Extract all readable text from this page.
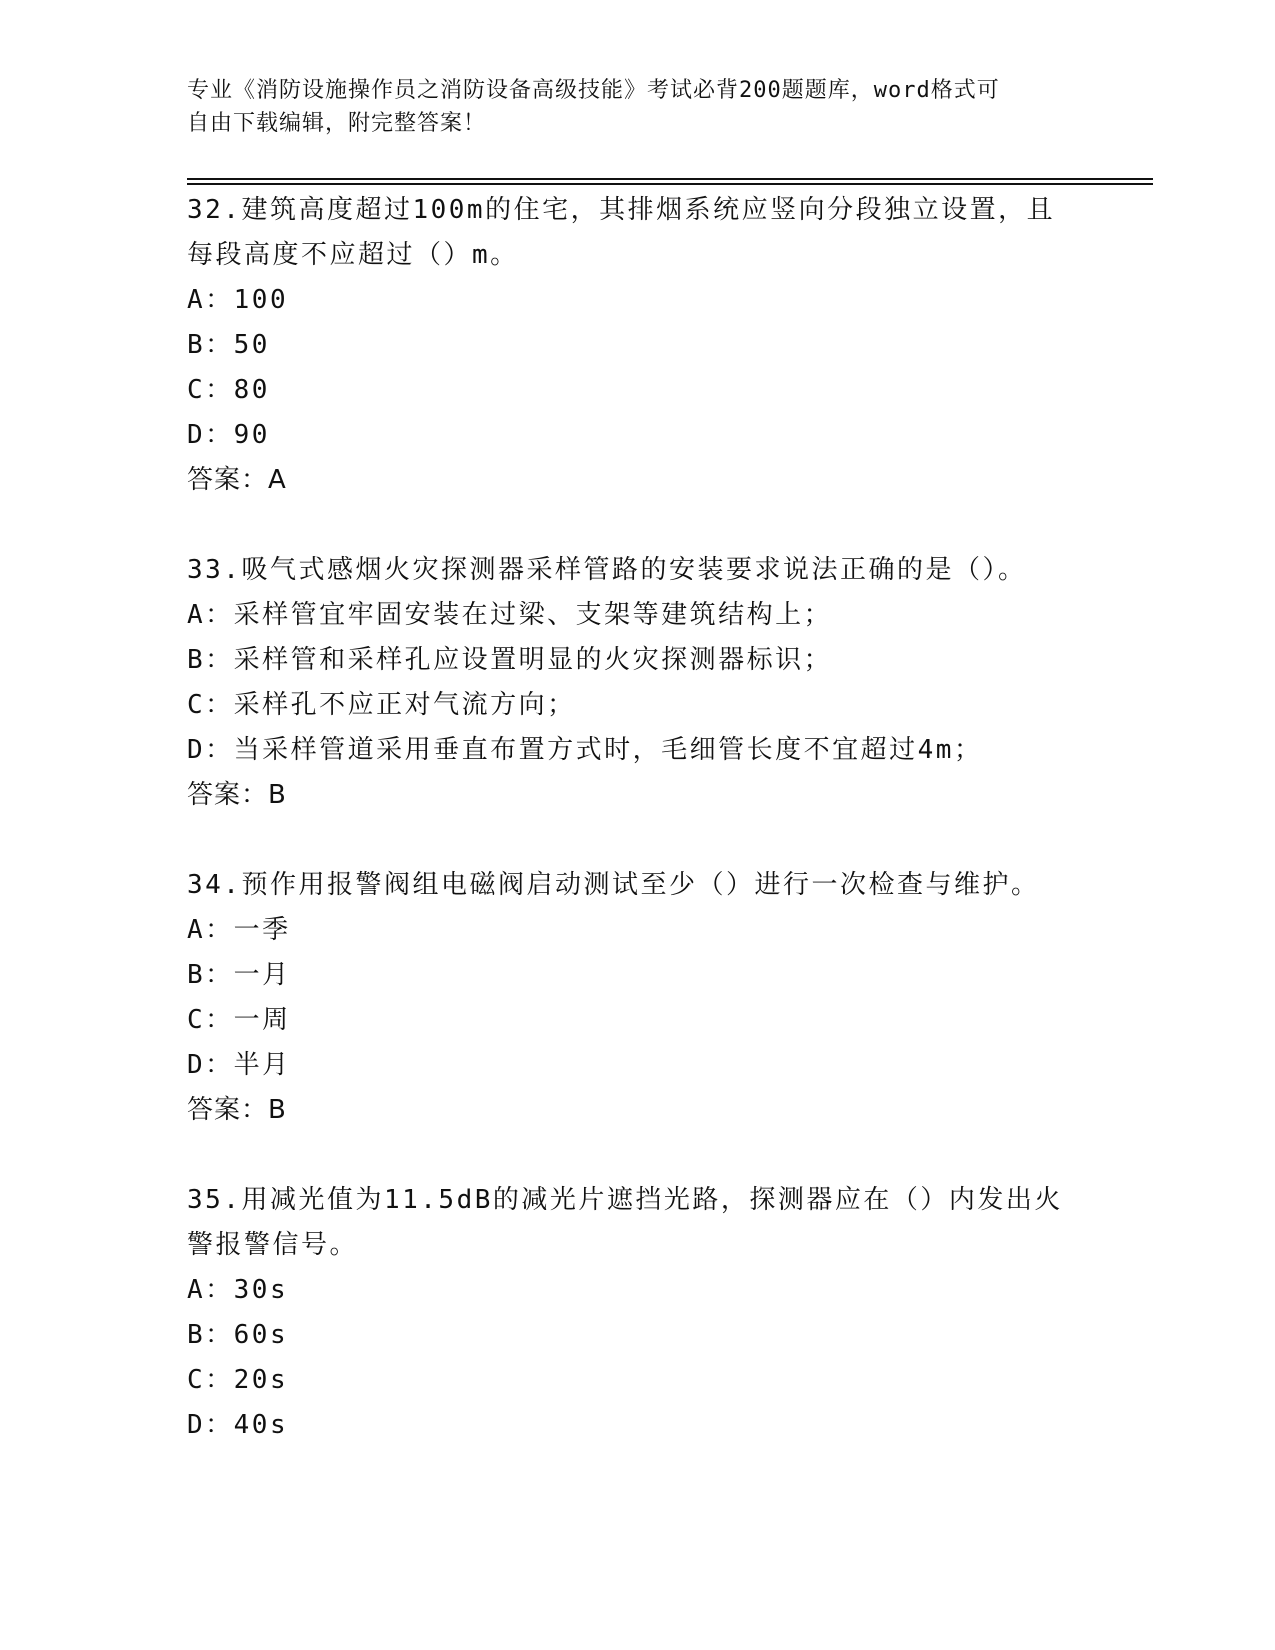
专业《消防设施操作员之消防设备高级技能》考试必背200题题库，word格式可
自由下载编辑，附完整答案！
32.建筑高度超过100m的住宅，其排烟系统应竖向分段独立设置，且
每段高度不应超过（）m。
A：100
B：50
C：80
D：90
答案：A
33.吸气式感烟火灾探测器采样管路的安装要求说法正确的是（）。
A：采样管宜牢固安装在过梁、支架等建筑结构上；
B：采样管和采样孔应设置明显的火灾探测器标识；
C：采样孔不应正对气流方向；
D：当采样管道采用垂直布置方式时，毛细管长度不宜超过4m；
答案：B
34.预作用报警阀组电磁阀启动测试至少（）进行一次检查与维护。
A：一季
B：一月
C：一周
D：半月
答案：B
35.用减光值为11.5dB的减光片遮挡光路，探测器应在（）内发出火
警报警信号。
A：30s
B：60s
C：20s
D：40s
